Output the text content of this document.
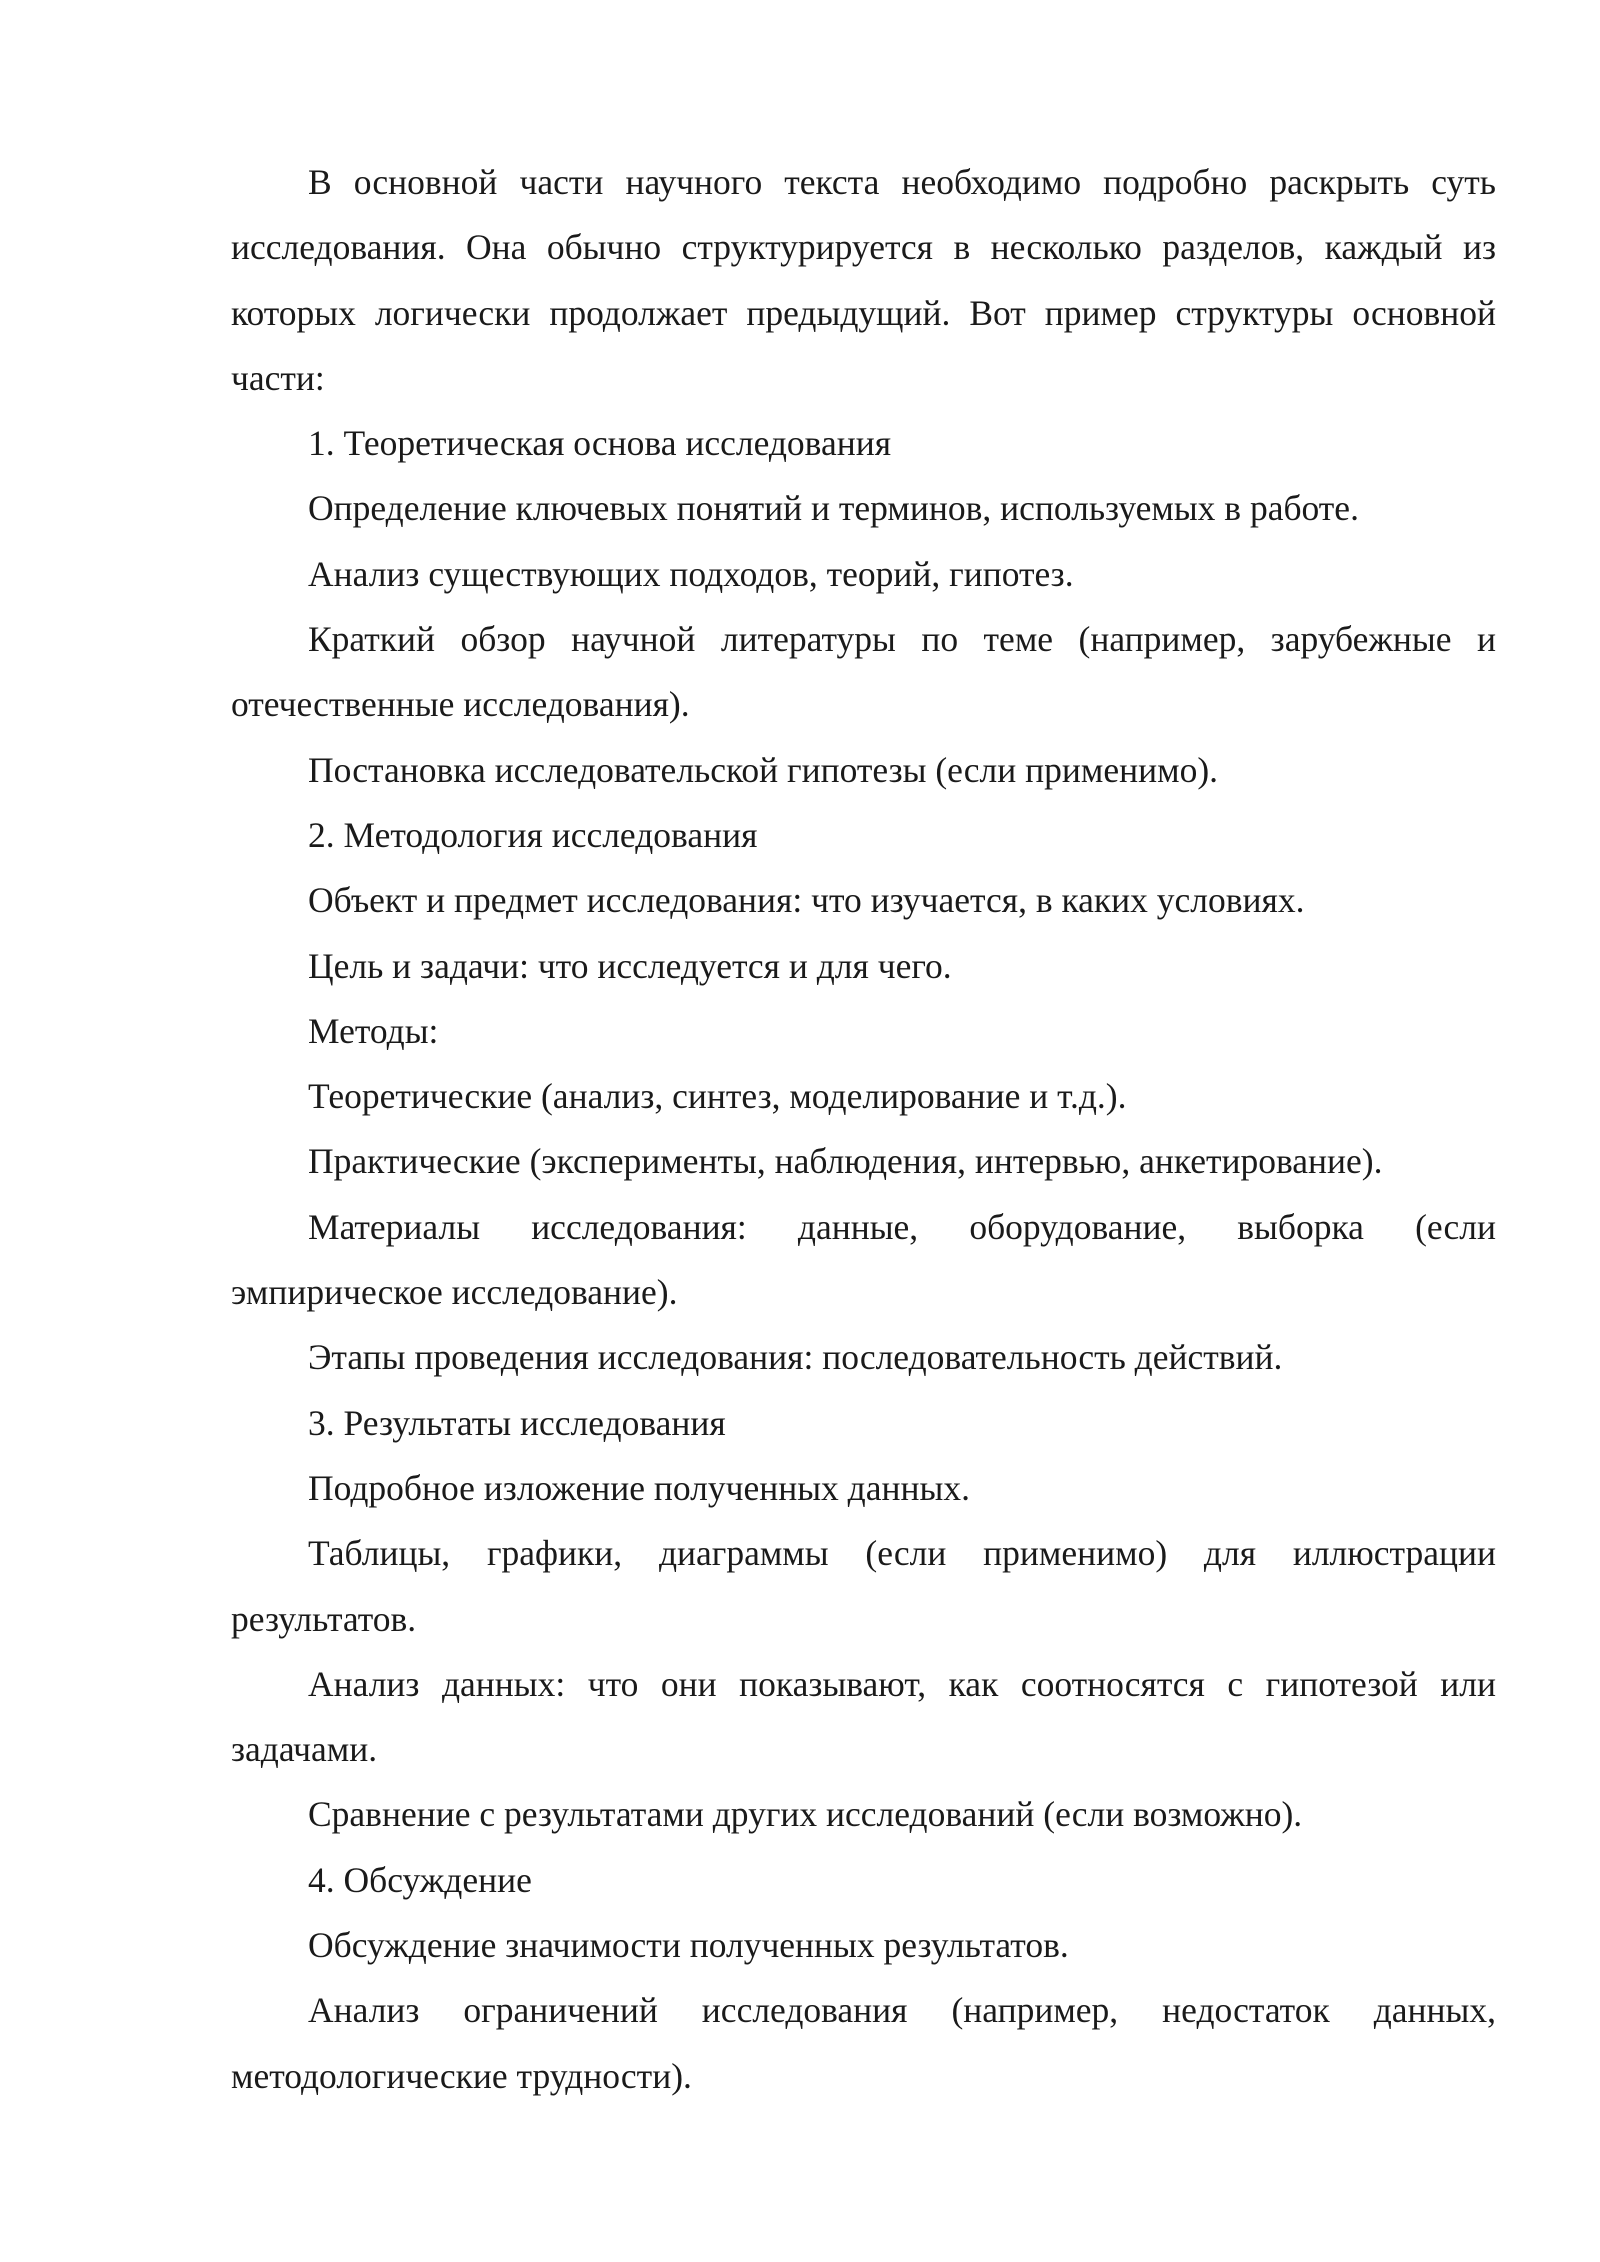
В основной части научного текста необходимо подробно раскрыть суть исследования. Она обычно структурируется в несколько разделов, каждый из которых логически продолжает предыдущий. Вот пример структуры основной части:

1. Теоретическая основа исследования

Определение ключевых понятий и терминов, используемых в работе.

Анализ существующих подходов, теорий, гипотез.

Краткий обзор научной литературы по теме (например, зарубежные и отечественные исследования).

Постановка исследовательской гипотезы (если применимо).

2. Методология исследования

Объект и предмет исследования: что изучается, в каких условиях.

Цель и задачи: что исследуется и для чего.

Методы:

Теоретические (анализ, синтез, моделирование и т.д.).

Практические (эксперименты, наблюдения, интервью, анкетирование).

Материалы исследования: данные, оборудование, выборка (если эмпирическое исследование).

Этапы проведения исследования: последовательность действий.

3. Результаты исследования

Подробное изложение полученных данных.

Таблицы, графики, диаграммы (если применимо) для иллюстрации результатов.

Анализ данных: что они показывают, как соотносятся с гипотезой или задачами.

Сравнение с результатами других исследований (если возможно).

4. Обсуждение

Обсуждение значимости полученных результатов.

Анализ ограничений исследования (например, недостаток данных, методологические трудности).
